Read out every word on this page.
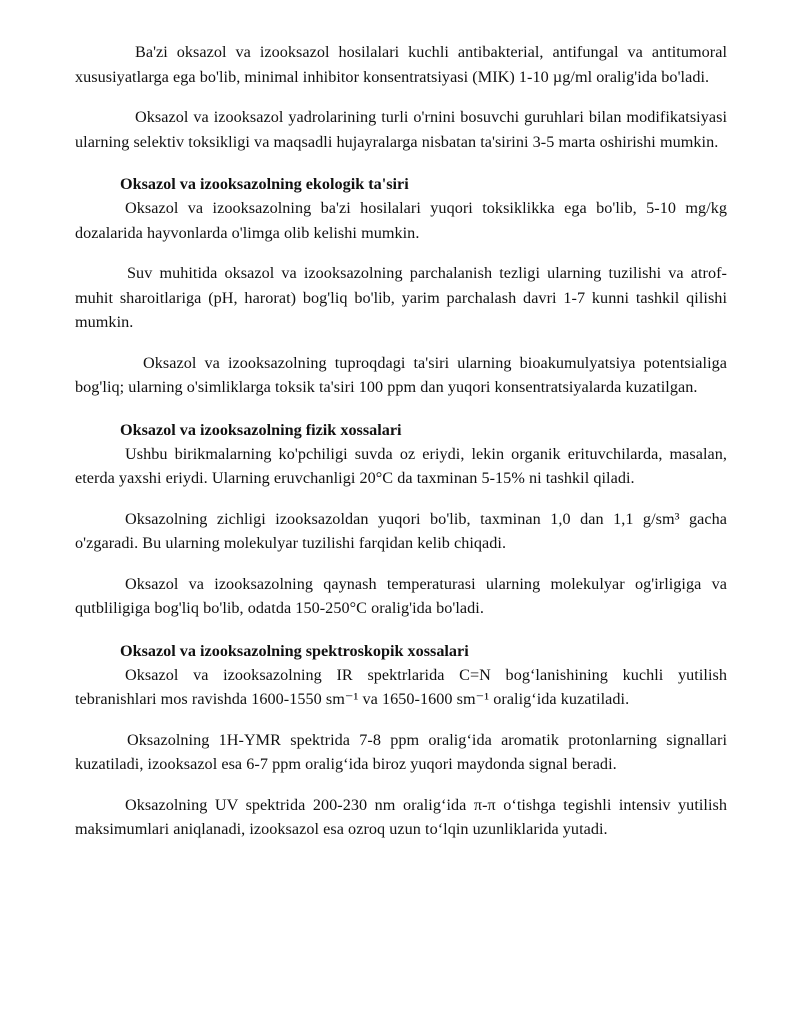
Ba'zi oksazol va izooksazol hosilalari kuchli antibakterial, antifungal va antitumoral xususiyatlarga ega bo'lib, minimal inhibitor konsentratsiyasi (MIK) 1-10 µg/ml oralig'ida bo'ladi.

Oksazol va izooksazol yadrolarining turli o'rnini bosuvchi guruhlari bilan modifikatsiyasi ularning selektiv toksikligi va maqsadli hujayralarga nisbatan ta'sirini 3-5 marta oshirishi mumkin.

Oksazol va izooksazolning ekologik ta'siri

Oksazol va izooksazolning ba'zi hosilalari yuqori toksiklikka ega bo'lib, 5-10 mg/kg dozalarida hayvonlarda o'limga olib kelishi mumkin.

Suv muhitida oksazol va izooksazolning parchalanish tezligi ularning tuzilishi va atrof-muhit sharoitlariga (pH, harorat) bog'liq bo'lib, yarim parchalash davri 1-7 kunni tashkil qilishi mumkin.

Oksazol va izooksazolning tuproqdagi ta'siri ularning bioakumulyatsiya potentsialiga bog'liq; ularning o'simliklarga toksik ta'siri 100 ppm dan yuqori konsentratsiyalarda kuzatilgan.

Oksazol va izooksazolning fizik xossalari

Ushbu birikmalarning ko'pchiligi suvda oz eriydi, lekin organik erituvchilarda, masalan, eterda yaxshi eriydi. Ularning eruvchanligi 20°C da taxminan 5-15% ni tashkil qiladi.

Oksazolning zichligi izooksazoldan yuqori bo'lib, taxminan 1,0 dan 1,1 g/sm³ gacha o'zgaradi. Bu ularning molekulyar tuzilishi farqidan kelib chiqadi.

Oksazol va izooksazolning qaynash temperaturasi ularning molekulyar og'irligiga va qutbliligiga bog'liq bo'lib, odatda 150-250°C oralig'ida bo'ladi.

Oksazol va izooksazolning spektroskopik xossalari

Oksazol va izooksazolning IR spektrlarida C=N bog‘lanishining kuchli yutilish tebranishlari mos ravishda 1600-1550 sm⁻¹ va 1650-1600 sm⁻¹ oralig‘ida kuzatiladi.

Oksazolning 1H-YMR spektrida 7-8 ppm oralig‘ida aromatik protonlarning signallari kuzatiladi, izooksazol esa 6-7 ppm oralig‘ida biroz yuqori maydonda signal beradi.

Oksazolning UV spektrida 200-230 nm oralig‘ida π-π o‘tishga tegishli intensiv yutilish maksimumlari aniqlanadi, izooksazol esa ozroq uzun to‘lqin uzunliklarida yutadi.
